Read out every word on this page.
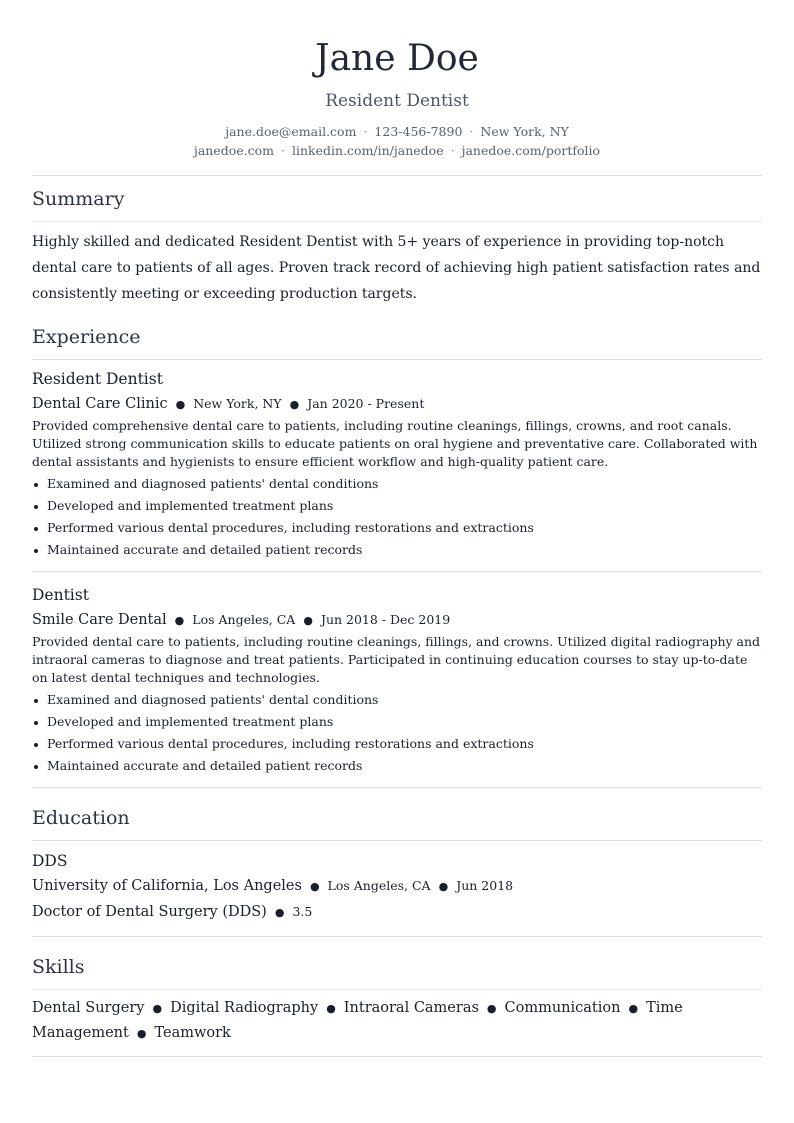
Jane Doe
Resident Dentist
jane.doe@email.com · 123-456-7890 · New York, NY
janedoe.com · linkedin.com/in/janedoe · janedoe.com/portfolio
Summary

Highly skilled and dedicated Resident Dentist with 5+ years of experience in providing top-notch dental care to patients of all ages. Proven track record of achieving high patient satisfaction rates and consistently meeting or exceeding production targets.

Experience
Resident Dentist
Dental Care Clinic ● New York, NY ● Jan 2020 - Present

Provided comprehensive dental care to patients, including routine cleanings, fillings, crowns, and root canals. Utilized strong communication skills to educate patients on oral hygiene and preventative care. Collaborated with dental assistants and hygienists to ensure efficient workflow and high-quality patient care.

Examined and diagnosed patients' dental conditions
Developed and implemented treatment plans
Performed various dental procedures, including restorations and extractions
Maintained accurate and detailed patient records
Dentist
Smile Care Dental ● Los Angeles, CA ● Jun 2018 - Dec 2019

Provided dental care to patients, including routine cleanings, fillings, and crowns. Utilized digital radiography and intraoral cameras to diagnose and treat patients. Participated in continuing education courses to stay up-to-date on latest dental techniques and technologies.

Examined and diagnosed patients' dental conditions
Developed and implemented treatment plans
Performed various dental procedures, including restorations and extractions
Maintained accurate and detailed patient records
Education
DDS
University of California, Los Angeles ● Los Angeles, CA ● Jun 2018
Doctor of Dental Surgery (DDS) ● 3.5
Skills
Dental Surgery ● Digital Radiography ● Intraoral Cameras ● Communication ● Time Management ● Teamwork
